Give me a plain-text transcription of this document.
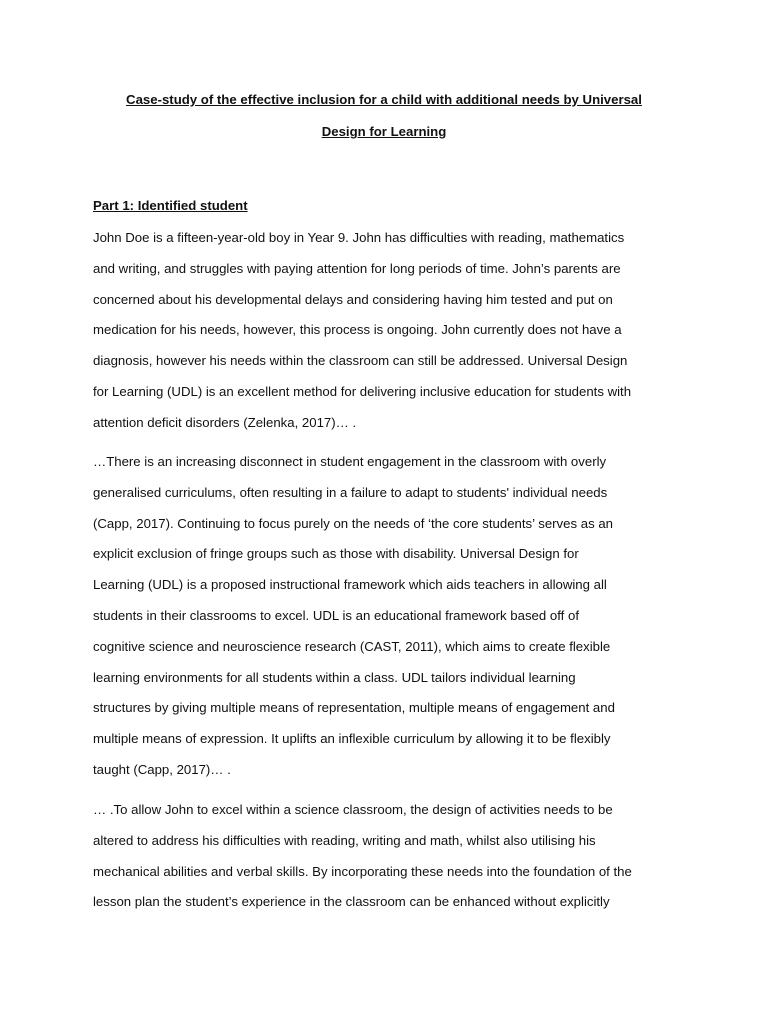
Case-study of the effective inclusion for a child with additional needs by Universal
Design for Learning
Part 1: Identified student
John Doe is a fifteen-year-old boy in Year 9. John has difficulties with reading, mathematics
and writing, and struggles with paying attention for long periods of time. John’s parents are
concerned about his developmental delays and considering having him tested and put on
medication for his needs, however, this process is ongoing. John currently does not have a
diagnosis, however his needs within the classroom can still be addressed. Universal Design
for Learning (UDL) is an excellent method for delivering inclusive education for students with
attention deficit disorders (Zelenka, 2017)… .
…There is an increasing disconnect in student engagement in the classroom with overly
generalised curriculums, often resulting in a failure to adapt to students' individual needs
(Capp, 2017). Continuing to focus purely on the needs of ‘the core students’ serves as an
explicit exclusion of fringe groups such as those with disability. Universal Design for
Learning (UDL) is a proposed instructional framework which aids teachers in allowing all
students in their classrooms to excel. UDL is an educational framework based off of
cognitive science and neuroscience research (CAST, 2011), which aims to create flexible
learning environments for all students within a class. UDL tailors individual learning
structures by giving multiple means of representation, multiple means of engagement and
multiple means of expression. It uplifts an inflexible curriculum by allowing it to be flexibly
taught (Capp, 2017)… .
… .To allow John to excel within a science classroom, the design of activities needs to be
altered to address his difficulties with reading, writing and math, whilst also utilising his
mechanical abilities and verbal skills. By incorporating these needs into the foundation of the
lesson plan the student’s experience in the classroom can be enhanced without explicitly
